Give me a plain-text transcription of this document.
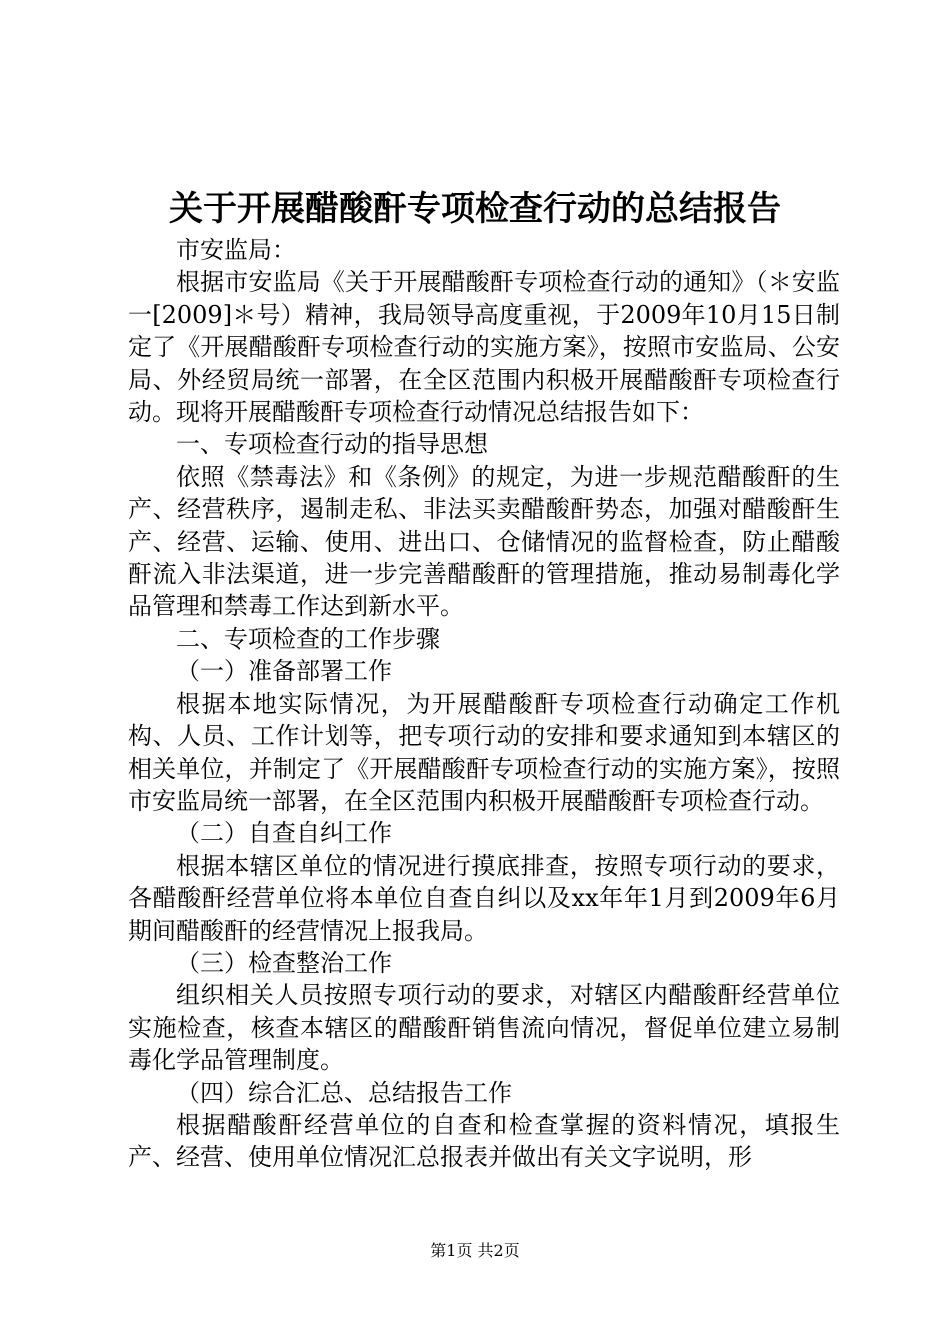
关于开展醋酸酐专项检查行动的总结报告

市安监局：

根据市安监局《关于开展醋酸酐专项检查行动的通知》（＊安监一[2009]＊号）精神，我局领导高度重视，于2009年10月15日制定了《开展醋酸酐专项检查行动的实施方案》，按照市安监局、公安局、外经贸局统一部署，在全区范围内积极开展醋酸酐专项检查行动。现将开展醋酸酐专项检查行动情况总结报告如下：

一、专项检查行动的指导思想

依照《禁毒法》和《条例》的规定，为进一步规范醋酸酐的生产、经营秩序，遏制走私、非法买卖醋酸酐势态，加强对醋酸酐生产、经营、运输、使用、进出口、仓储情况的监督检查，防止醋酸酐流入非法渠道，进一步完善醋酸酐的管理措施，推动易制毒化学品管理和禁毒工作达到新水平。

二、专项检查的工作步骤

（一）准备部署工作

根据本地实际情况，为开展醋酸酐专项检查行动确定工作机构、人员、工作计划等，把专项行动的安排和要求通知到本辖区的相关单位，并制定了《开展醋酸酐专项检查行动的实施方案》，按照市安监局统一部署，在全区范围内积极开展醋酸酐专项检查行动。

（二）自查自纠工作

根据本辖区单位的情况进行摸底排查，按照专项行动的要求，各醋酸酐经营单位将本单位自查自纠以及xx年年1月到2009年6月期间醋酸酐的经营情况上报我局。

（三）检查整治工作

组织相关人员按照专项行动的要求，对辖区内醋酸酐经营单位实施检查，核查本辖区的醋酸酐销售流向情况，督促单位建立易制毒化学品管理制度。

（四）综合汇总、总结报告工作

根据醋酸酐经营单位的自查和检查掌握的资料情况，填报生产、经营、使用单位情况汇总报表并做出有关文字说明，形

第1页 共2页
